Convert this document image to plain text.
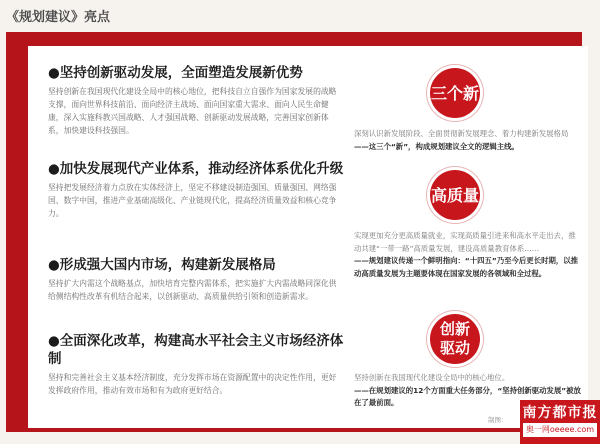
《规划建议》亮点
●坚持创新驱动发展，全面塑造发展新优势
坚持创新在我国现代化建设全局中的核心地位，把科技自立自强作为国家发展的战略支撑，面向世界科技前沿、面向经济主战场、面向国家重大需求、面向人民生命健康，深入实施科教兴国战略、人才强国战略、创新驱动发展战略，完善国家创新体系，加快建设科技强国。
●加快发展现代产业体系，推动经济体系优化升级
坚持把发展经济着力点放在实体经济上，坚定不移建设制造强国、质量强国、网络强国、数字中国，推进产业基础高级化、产业链现代化，提高经济质量效益和核心竞争力。
●形成强大国内市场，构建新发展格局
坚持扩大内需这个战略基点，加快培育完整内需体系，把实施扩大内需战略同深化供给侧结构性改革有机结合起来，以创新驱动、高质量供给引领和创造新需求。
●全面深化改革，构建高水平社会主义市场经济体制
坚持和完善社会主义基本经济制度，充分发挥市场在资源配置中的决定性作用，更好发挥政府作用，推动有效市场和有为政府更好结合。
三个新
深刻认识新发展阶段、全面贯彻新发展理念、着力构建新发展格局
——这三个“新”，构成规划建议全文的逻辑主线。
高质量
实现更加充分更高质量就业，实现高质量引进来和高水平走出去，推动共建“一带一路”高质量发展，建设高质量教育体系……
——规划建议传递一个鲜明指向：“十四五”乃至今后更长时期，以推动高质量发展为主题要体现在国家发展的各领域和全过程。
创新驱动
坚持创新在我国现代化建设全局中的核心地位。
——在规划建议的12个方面重大任务部分，“坚持创新驱动发展”被放在了最前面。
制图： 南方都市报
奥一网oeeee.com
